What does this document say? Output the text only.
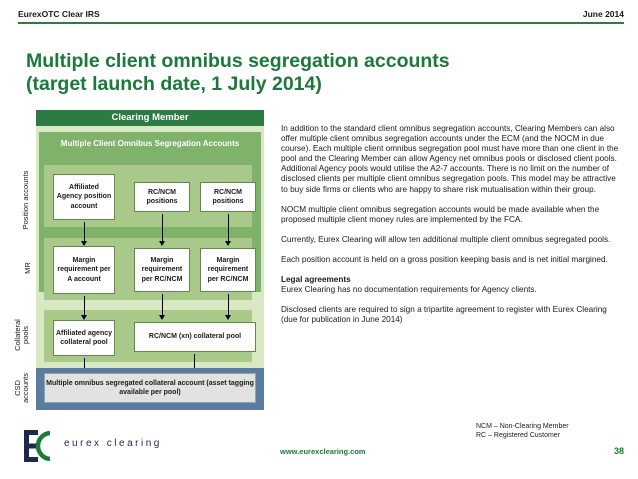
EurexOTC Clear IRS	June 2014
Multiple client omnibus segregation accounts
(target launch date, 1 July 2014)
Clearing Member
Multiple Client Omnibus Segregation Accounts
Position accounts
MR
Collateral pools
CSD accounts
Affiliated Agency position account
RC/NCM positions
RC/NCM positions
Margin requirement per A account
Margin requirement per RC/NCM
Margin requirement per RC/NCM
Affiliated agency collateral pool
RC/NCM (xn) collateral pool
Multiple omnibus segregated collateral account (asset tagging available per pool)

In addition to the standard client omnibus segregation accounts, Clearing Members can also offer multiple client omnibus segregation accounts under the ECM (and the NOCM in due course). Each multiple client omnibus segregation pool must have more than one client in the pool and the Clearing Member can allow Agency net omnibus pools or disclosed client pools. Additional Agency pools would utilise the A2-7 accounts. There is no limit on the number of disclosed clients per multiple client omnibus segregation pools. This model may be attractive to buy side firms or clients who are happy to share risk mutualisation within their group.

NOCM multiple client omnibus segregation accounts would be made available when the proposed multiple client money rules are implemented by the FCA.

Currently, Eurex Clearing will allow ten additional multiple client omnibus segregated pools.

Each position account is held on a gross position keeping basis and is net initial margined.

Legal agreements

Eurex Clearing has no documentation requirements for Agency clients.

Disclosed clients are required to sign a tripartite agreement to register with Eurex Clearing (due for publication in June 2014)

NCM – Non-Clearing Member
RC – Registered Customer
eurex clearing
www.eurexclearing.com	38
